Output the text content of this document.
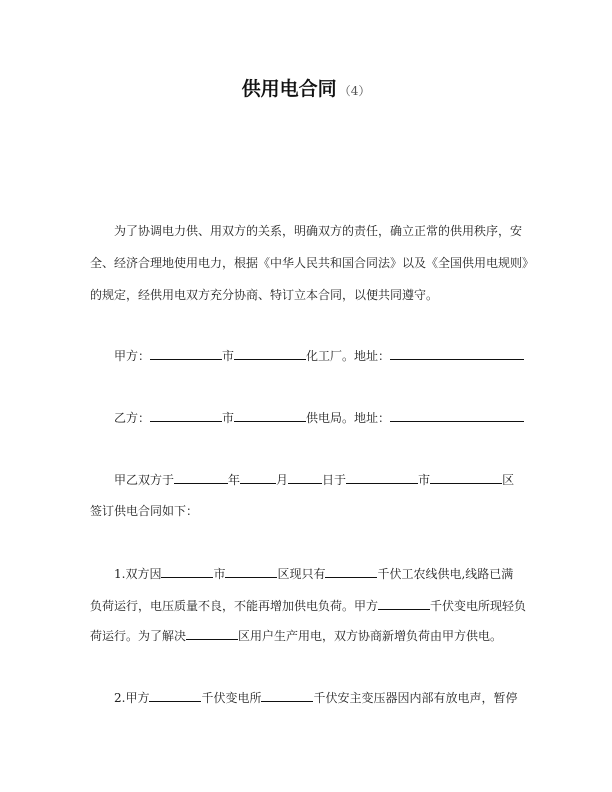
供用电合同 （4）
为了协调电力供、用双方的关系，明确双方的责任，确立正常的供用秩序，安
全、经济合理地使用电力，根据《中华人民共和国合同法》以及《全国供用电规则》
的规定，经供用电双方充分协商、特订立本合同，以便共同遵守。
甲方：	市	化工厂。地址：
乙方：	市	供电局。地址：
甲乙双方于	年	月	日于	市	区
签订供电合同如下：
1.双方因	市	区现只有	千伏工农线供电,线路已满
负荷运行，电压质量不良，不能再增加供电负荷。甲方	千伏变电所现轻负
荷运行。为了解决	区用户生产用电，双方协商新增负荷由甲方供电。
2.甲方	千伏变电所	千伏安主变压器因内部有放电声，暂停
